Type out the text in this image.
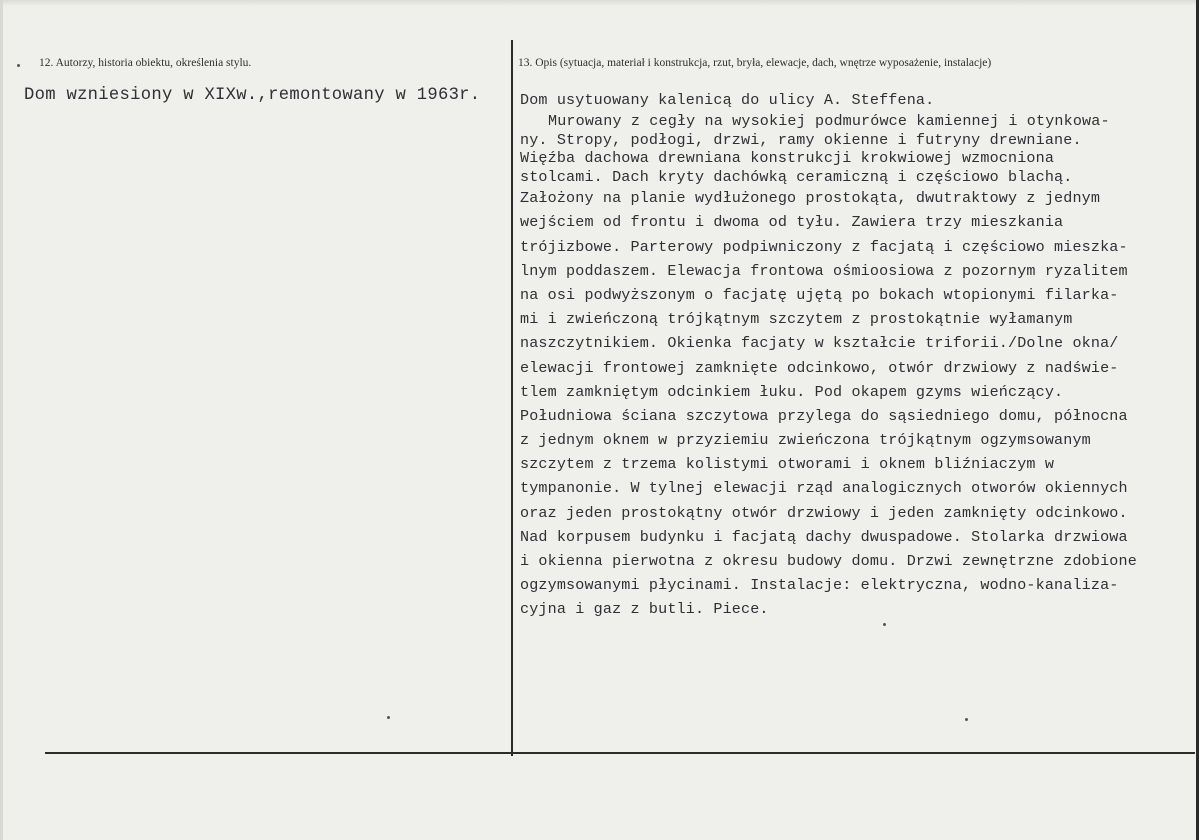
12. Autorzy, historia obiektu, określenia stylu.	13. Opis (sytuacja, materiał i konstrukcja, rzut, bryła, elewacje, dach, wnętrze wyposażenie, instalacje)
Dom wzniesiony w XIXw.,remontowany w 1963r.	Dom usytuowany kalenicą do ulicy A. Steffena.
Murowany z cegły na wysokiej podmurówce kamiennej i otynkowa-
ny. Stropy, podłogi, drzwi, ramy okienne i futryny drewniane.
Więźba dachowa drewniana konstrukcji krokwiowej wzmocniona
stolcami. Dach kryty dachówką ceramiczną i częściowo blachą.
Założony na planie wydłużonego prostokąta, dwutraktowy z jednym
wejściem od frontu i dwoma od tyłu. Zawiera trzy mieszkania
trójizbowe. Parterowy podpiwniczony z facjatą i częściowo mieszka-
lnym poddaszem. Elewacja frontowa ośmioosiowa z pozornym ryzalitem
na osi podwyższonym o facjatę ujętą po bokach wtopionymi filarka-
mi i zwieńczoną trójkątnym szczytem z prostokątnie wyłamanym
naszczytnikiem. Okienka facjaty w kształcie triforii./Dolne okna/
elewacji frontowej zamknięte odcinkowo, otwór drzwiowy z nadświe-
tlem zamkniętym odcinkiem łuku. Pod okapem gzyms wieńczący.
Południowa ściana szczytowa przylega do sąsiedniego domu, północna
z jednym oknem w przyziemiu zwieńczona trójkątnym ogzymsowanym
szczytem z trzema kolistymi otworami i oknem bliźniaczym w
tympanonie. W tylnej elewacji rząd analogicznych otworów okiennych
oraz jeden prostokątny otwór drzwiowy i jeden zamknięty odcinkowo.
Nad korpusem budynku i facjatą dachy dwuspadowe. Stolarka drzwiowa
i okienna pierwotna z okresu budowy domu. Drzwi zewnętrzne zdobione
ogzymsowanymi płycinami. Instalacje: elektryczna, wodno-kanaliza-
cyjna i gaz z butli. Piece.
